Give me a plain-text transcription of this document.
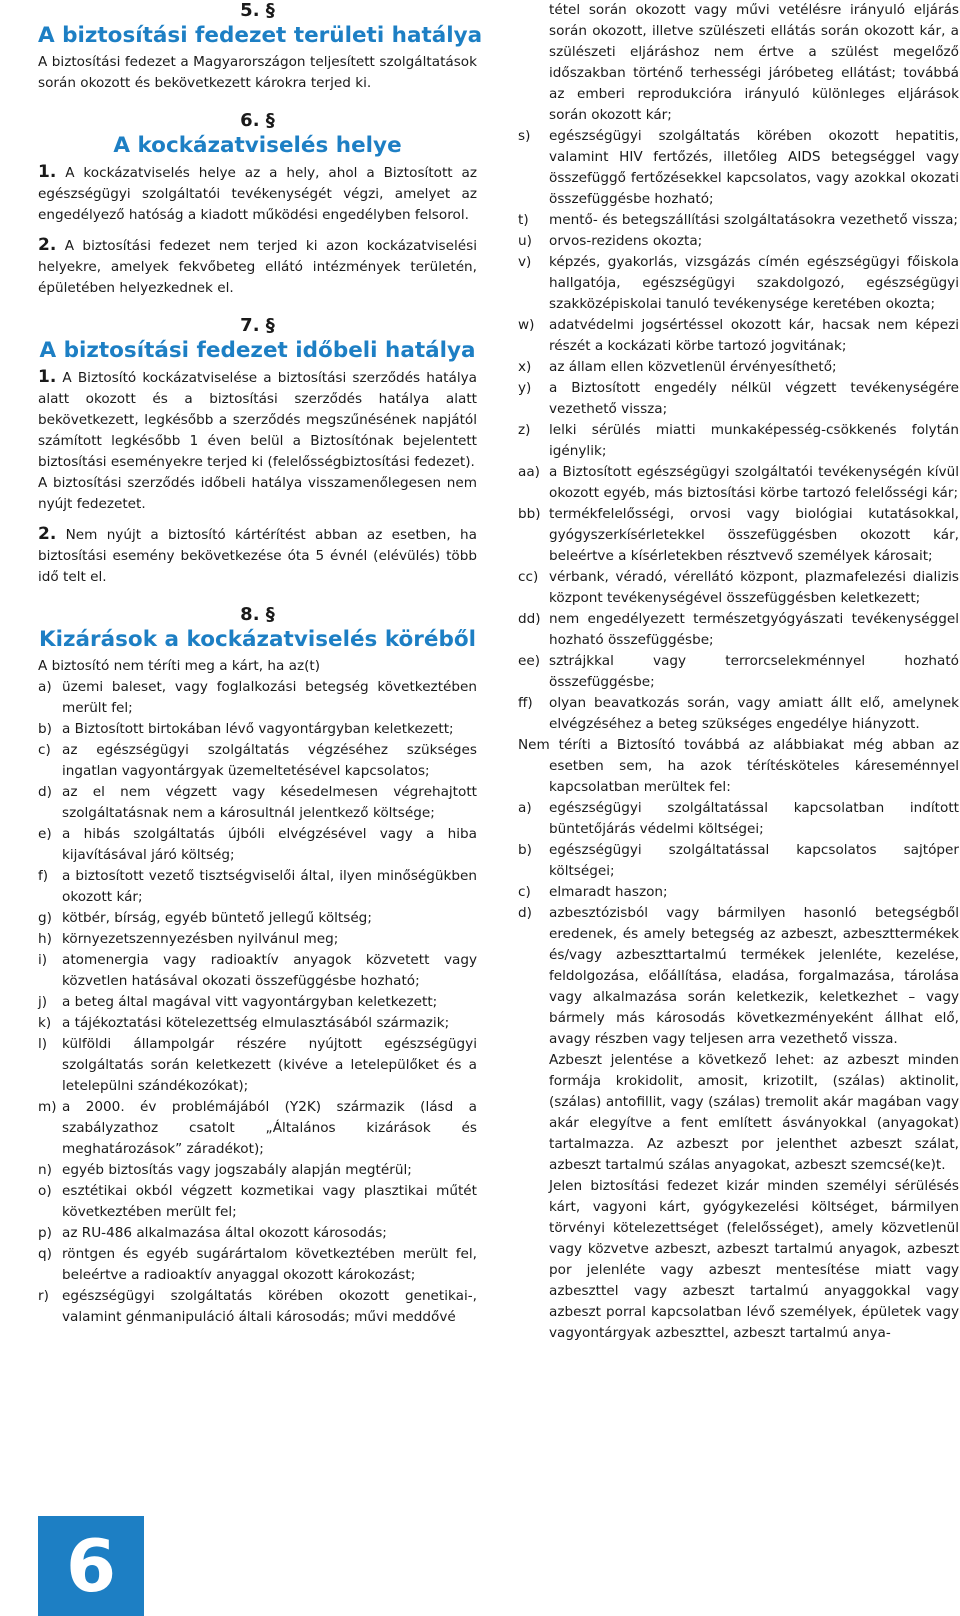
5. §
A biztosítási fedezet területi hatálya

A biztosítási fedezet a Magyarországon teljesített szolgáltatások során okozott és bekövetkezett károkra terjed ki.

6. §
A kockázatviselés helye

1. A kockázatviselés helye az a hely, ahol a Biztosított az egészségügyi szolgáltatói tevékenységét végzi, amelyet az engedélyező hatóság a kiadott működési engedélyben felsorol.

2. A biztosítási fedezet nem terjed ki azon kockázatviselési helyekre, amelyek fekvőbeteg ellátó intézmények területén, épületében helyezkednek el.

7. §
A biztosítási fedezet időbeli hatálya

1. A Biztosító kockázatviselése a biztosítási szerződés hatálya alatt okozott és a biztosítási szerződés hatálya alatt bekövetkezett, legkésőbb a szerződés megszűnésének napjától számított legkésőbb 1 éven belül a Biztosítónak bejelentett biztosítási eseményekre terjed ki (felelősségbiztosítási fedezet).

A biztosítási szerződés időbeli hatálya visszamenőlegesen nem nyújt fedezetet.

2. Nem nyújt a biztosító kártérítést abban az esetben, ha biztosítási esemény bekövetkezése óta 5 évnél (elévülés) több idő telt el.

8. §
Kizárások a kockázatviselés köréből

A biztosító nem téríti meg a kárt, ha az(t)

a) üzemi baleset, vagy foglalkozási betegség következtében merült fel;
b) a Biztosított birtokában lévő vagyontárgyban keletkezett;
c) az egészségügyi szolgáltatás végzéséhez szükséges ingatlan vagyontárgyak üzemeltetésével kapcsolatos;
d) az el nem végzett vagy késedelmesen végrehajtott szolgáltatásnak nem a károsultnál jelentkező költsége;
e) a hibás szolgáltatás újbóli elvégzésével vagy a hiba kijavításával járó költség;
f) a biztosított vezető tisztségviselői által, ilyen minőségükben okozott kár;
g) kötbér, bírság, egyéb büntető jellegű költség;
h) környezetszennyezésben nyilvánul meg;
i) atomenergia vagy radioaktív anyagok közvetett vagy közvetlen hatásával okozati összefüggésbe hozható;
j) a beteg által magával vitt vagyontárgyban keletkezett;
k) a tájékoztatási kötelezettség elmulasztásából származik;
l) külföldi állampolgár részére nyújtott egészségügyi szolgáltatás során keletkezett (kivéve a letelepülőket és a letelepülni szándékozókat);
m) a 2000. év problémájából (Y2K) származik (lásd a szabályzathoz csatolt „Általános kizárások és meghatározások” záradékot);
n) egyéb biztosítás vagy jogszabály alapján megtérül;
o) esztétikai okból végzett kozmetikai vagy plasztikai műtét következtében merült fel;
p) az RU-486 alkalmazása által okozott károsodás;
q) röntgen és egyéb sugárártalom következtében merült fel, beleértve a radioaktív anyaggal okozott károkozást;
r) egészségügyi szolgáltatás körében okozott genetikai-, valamint génmanipuláció általi károsodás; művi meddővé

tétel során okozott vagy művi vetélésre irányuló eljárás során okozott, illetve szülészeti ellátás során okozott kár, a szülészeti eljáráshoz nem értve a szülést megelőző időszakban történő terhességi járóbeteg ellátást; továbbá az emberi reprodukcióra irányuló különleges eljárások során okozott kár;

s) egészségügyi szolgáltatás körében okozott hepatitis, valamint HIV fertőzés, illetőleg AIDS betegséggel vagy összefüggő fertőzésekkel kapcsolatos, vagy azokkal okozati összefüggésbe hozható;
t) mentő- és betegszállítási szolgáltatásokra vezethető vissza;
u) orvos-rezidens okozta;
v) képzés, gyakorlás, vizsgázás címén egészségügyi főiskola hallgatója, egészségügyi szakdolgozó, egészségügyi szakközépiskolai tanuló tevékenysége keretében okozta;
w) adatvédelmi jogsértéssel okozott kár, hacsak nem képezi részét a kockázati körbe tartozó jogvitának;
x) az állam ellen közvetlenül érvényesíthető;
y) a Biztosított engedély nélkül végzett tevékenységére vezethető vissza;
z) lelki sérülés miatti munkaképesség-csökkenés folytán igénylik;
aa) a Biztosított egészségügyi szolgáltatói tevékenységén kívül okozott egyéb, más biztosítási körbe tartozó felelősségi kár;
bb) termékfelelősségi, orvosi vagy biológiai kutatásokkal, gyógyszerkísérletekkel összefüggésben okozott kár, beleértve a kísérletekben résztvevő személyek károsait;
cc) vérbank, véradó, vérellátó központ, plazmafelezési dializis központ tevékenységével összefüggésben keletkezett;
dd) nem engedélyezett természetgyógyászati tevékenységgel hozható összefüggésbe;
ee) sztrájkkal vagy terrorcselekménnyel hozható összefüggésbe;
ff) olyan beavatkozás során, vagy amiatt állt elő, amelynek elvégzéséhez a beteg szükséges engedélye hiányzott.

Nem téríti a Biztosító továbbá az alábbiakat még abban az esetben sem, ha azok térítésköteles káreseménnyel kapcsolatban merültek fel:

a) egészségügyi szolgáltatással kapcsolatban indított büntetőjárás védelmi költségei;
b) egészségügyi szolgáltatással kapcsolatos sajtóper költségei;
c) elmaradt haszon;
d) azbesztózisból vagy bármilyen hasonló betegségből eredenek, és amely betegség az azbeszt, azbeszttermékek és/vagy azbeszttartalmú termékek jelenléte, kezelése, feldolgozása, előállítása, eladása, forgalmazása, tárolása vagy alkalmazása során keletkezik, keletkezhet – vagy bármely más károsodás következményeként állhat elő, avagy részben vagy teljesen arra vezethető vissza.

Azbeszt jelentése a következő lehet: az azbeszt minden formája krokidolit, amosit, krizotilt, (szálas) aktinolit, (szálas) antofillit, vagy (szálas) tremolit akár magában vagy akár elegyítve a fent említett ásványokkal (anyagokat) tartalmazza. Az azbeszt por jelenthet azbeszt szálat, azbeszt tartalmú szálas anyagokat, azbeszt szemcsé(ke)t.

Jelen biztosítási fedezet kizár minden személyi sérülésés kárt, vagyoni kárt, gyógykezelési költséget, bármilyen törvényi kötelezettséget (felelősséget), amely közvetlenül vagy közvetve azbeszt, azbeszt tartalmú anyagok, azbeszt por jelenléte vagy azbeszt mentesítése miatt vagy azbeszttel vagy azbeszt tartalmú anyaggokkal vagy azbeszt porral kapcsolatban lévő személyek, épületek vagy vagyontárgyak azbeszttel, azbeszt tartalmú anya-

6
